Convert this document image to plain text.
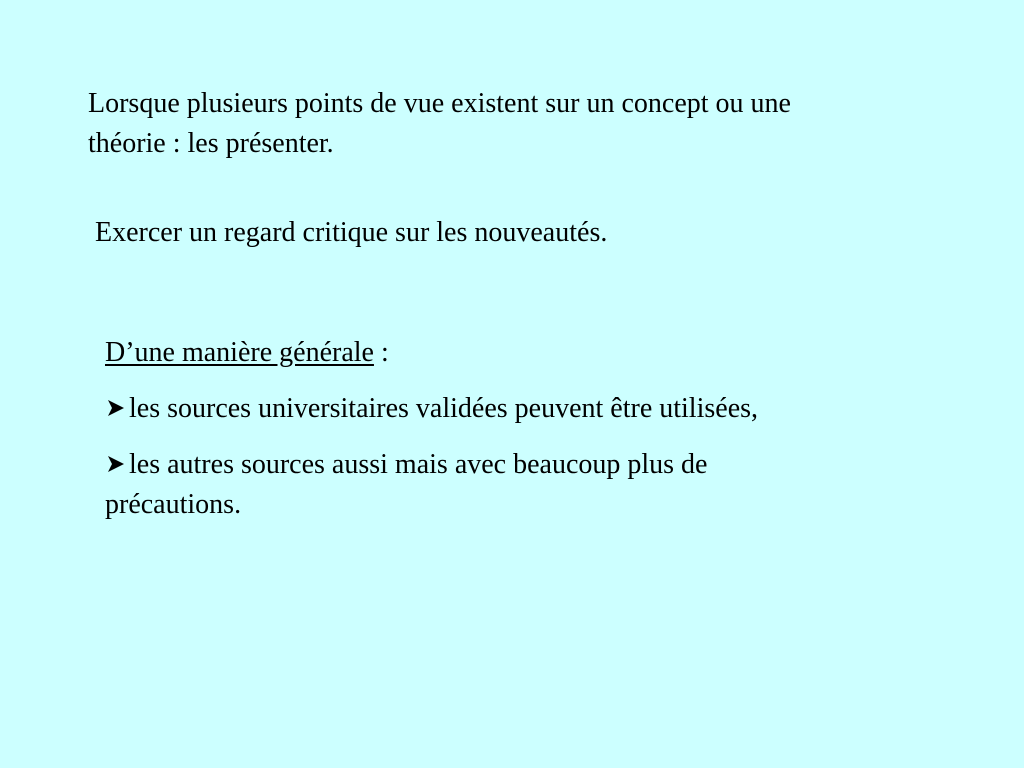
Lorsque plusieurs points de vue existent sur un concept ou une
théorie : les présenter.
Exercer un regard critique sur les nouveautés.
D’une manière générale :
les sources universitaires validées peuvent être utilisées,
les autres sources aussi mais avec beaucoup plus de
précautions.
